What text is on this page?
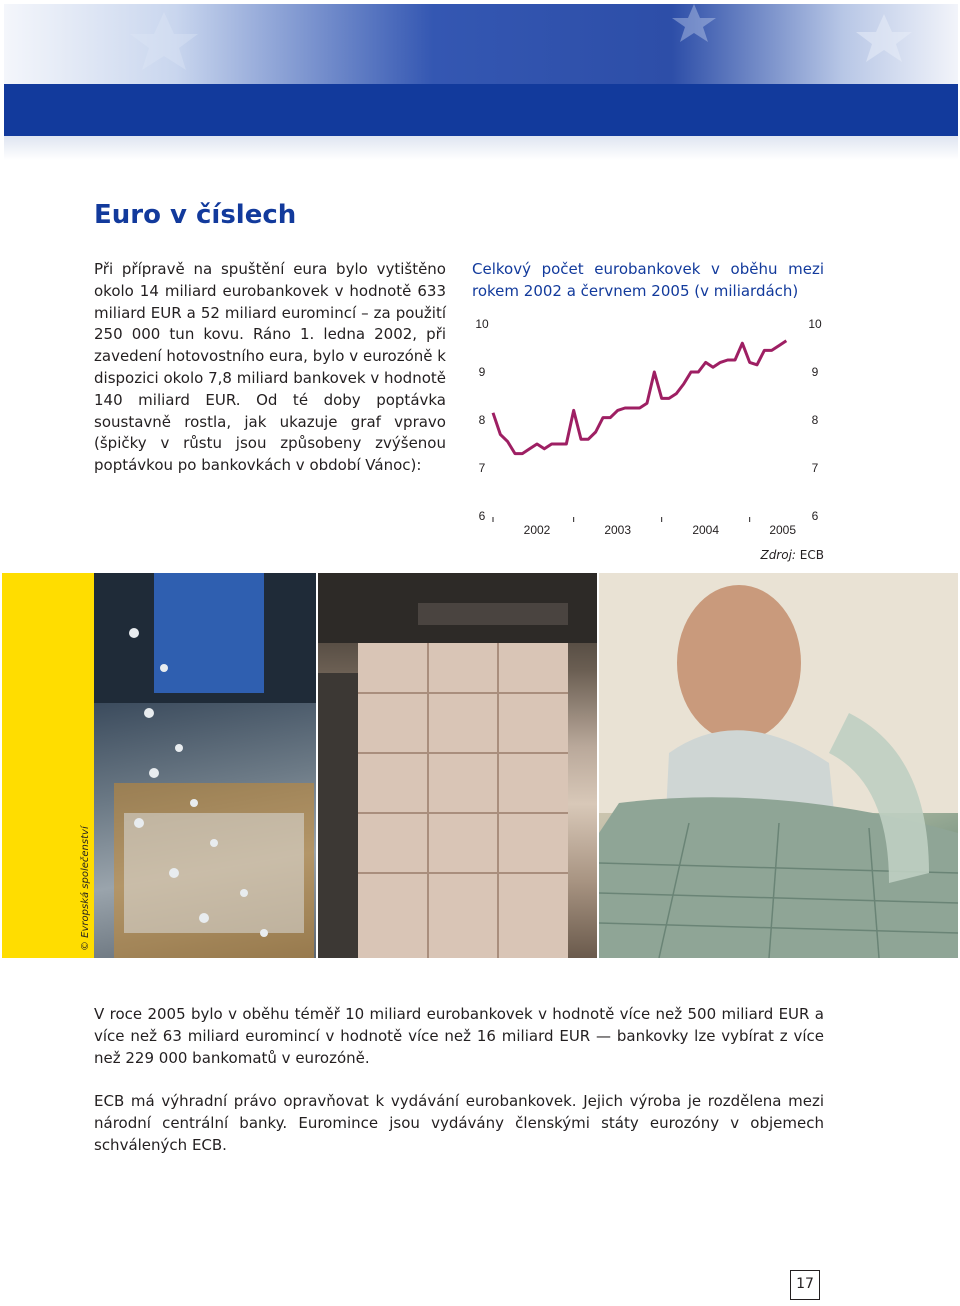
Euro v číslech
Při přípravě na spuštění eura bylo vytištěno okolo 14 miliard eurobankovek v hodnotě 633 miliard EUR a 52 miliard euromincí – za použití 250 000 tun kovu. Ráno 1. ledna 2002, při zavedení hotovostního eura, bylo v eurozóně k dispozici okolo 7,8 miliard bankovek v hodnotě 140 miliard EUR. Od té doby poptávka soustavně rostla, jak ukazuje graf vpravo (špičky v růstu jsou způsobeny zvýšenou poptávkou po bankovkách v období Vánoc):
Celkový počet eurobankovek v oběhu mezi rokem 2002 a červnem 2005 (v miliardách)
6
7
8
9
10
6
7
8
9
10
2002	2003	2004	2005
Zdroj: ECB
© Evropská společenství
V roce 2005 bylo v oběhu téměř 10 miliard eurobankovek v hodnotě více než 500 miliard EUR a více než 63 miliard euromincí v hodnotě více než 16 miliard EUR — bankovky lze vybírat z více než 229 000 bankomatů v eurozóně.
ECB má výhradní právo opravňovat k vydávání eurobankovek. Jejich výroba je rozdělena mezi národní centrální banky. Euromince jsou vydávány členskými státy eurozóny v objemech schválených ECB.
17
